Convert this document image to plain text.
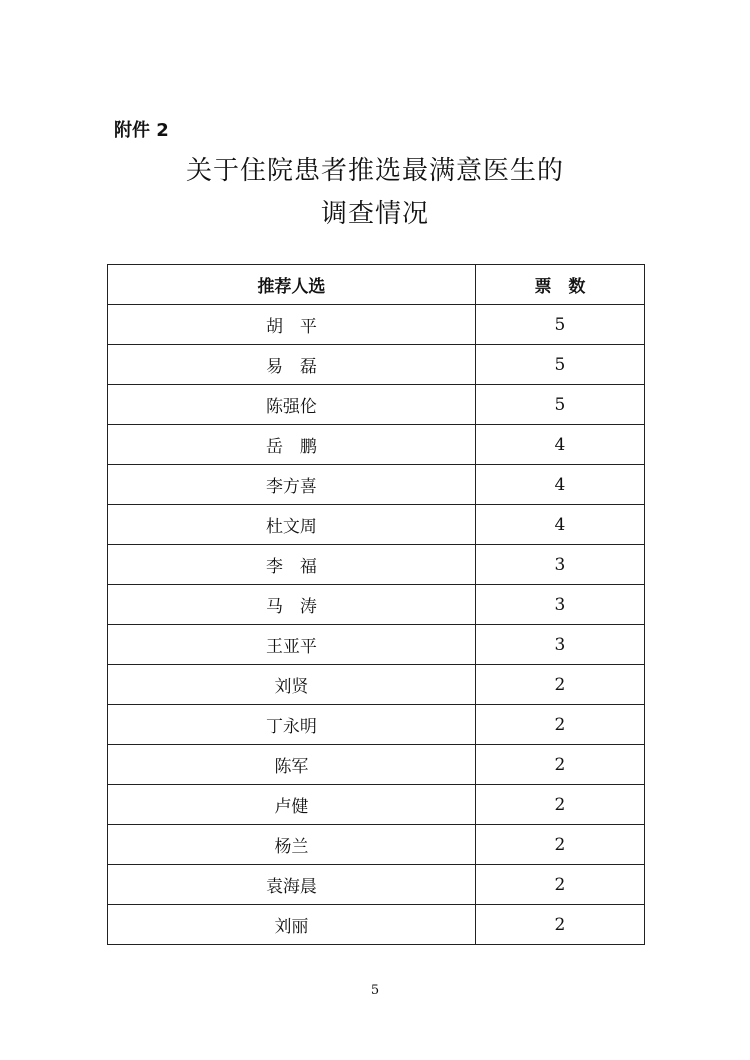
附件 2
关于住院患者推选最满意医生的
调查情况
推荐人选	票　数
胡　平	5
易　磊	5
陈强伦	5
岳　鹏	4
李方喜	4
杜文周	4
李　福	3
马　涛	3
王亚平	3
刘贤	2
丁永明	2
陈军	2
卢健	2
杨兰	2
袁海晨	2
刘丽	2
5
